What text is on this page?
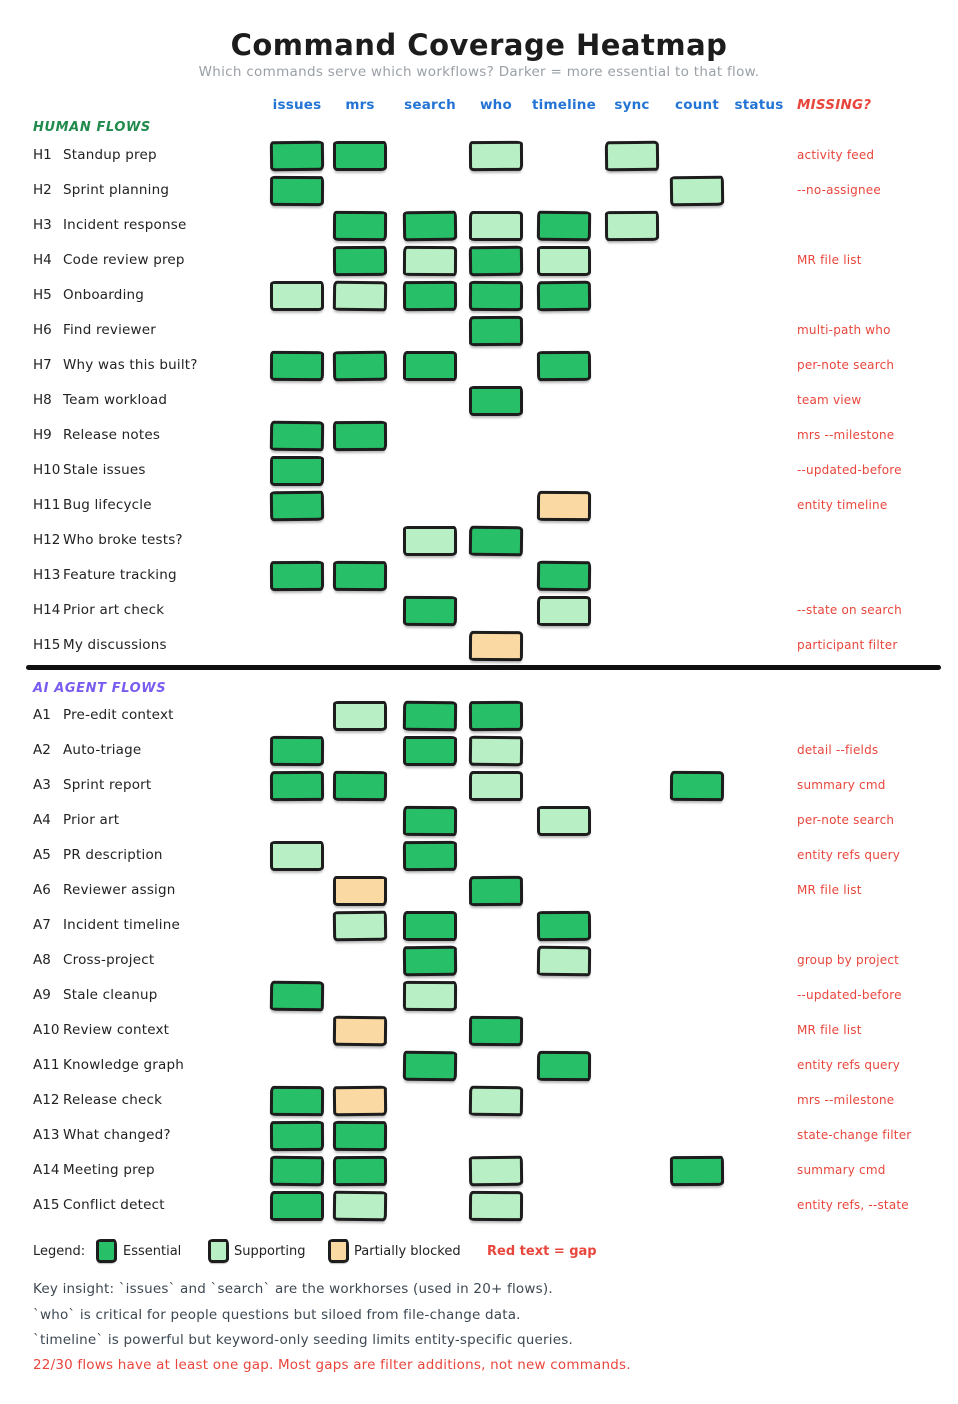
Command Coverage Heatmap
Which commands serve which workflows? Darker = more essential to that flow.
issues	mrs	search	who	timeline	sync	count	status	MISSING?
HUMAN FLOWS
H1 Standup prep	activity feed
H2 Sprint planning	--no-assignee
H3 Incident response
H4 Code review prep	MR file list
H5 Onboarding
H6 Find reviewer	multi-path who
H7 Why was this built?	per-note search
H8 Team workload	team view
H9 Release notes	mrs --milestone
H10 Stale issues	--updated-before
H11 Bug lifecycle	entity timeline
H12 Who broke tests?
H13 Feature tracking
H14 Prior art check	--state on search
H15 My discussions	participant filter
AI AGENT FLOWS
A1 Pre-edit context
A2 Auto-triage	detail --fields
A3 Sprint report	summary cmd
A4 Prior art	per-note search
A5 PR description	entity refs query
A6 Reviewer assign	MR file list
A7 Incident timeline
A8 Cross-project	group by project
A9 Stale cleanup	--updated-before
A10 Review context	MR file list
A11 Knowledge graph	entity refs query
A12 Release check	mrs --milestone
A13 What changed?	state-change filter
A14 Meeting prep	summary cmd
A15 Conflict detect	entity refs, --state
Legend:	Essential	Supporting	Partially blocked Red text = gap
Key insight: `issues` and `search` are the workhorses (used in 20+ flows).
`who` is critical for people questions but siloed from file-change data.
`timeline` is powerful but keyword-only seeding limits entity-specific queries.
22/30 flows have at least one gap. Most gaps are filter additions, not new commands.
